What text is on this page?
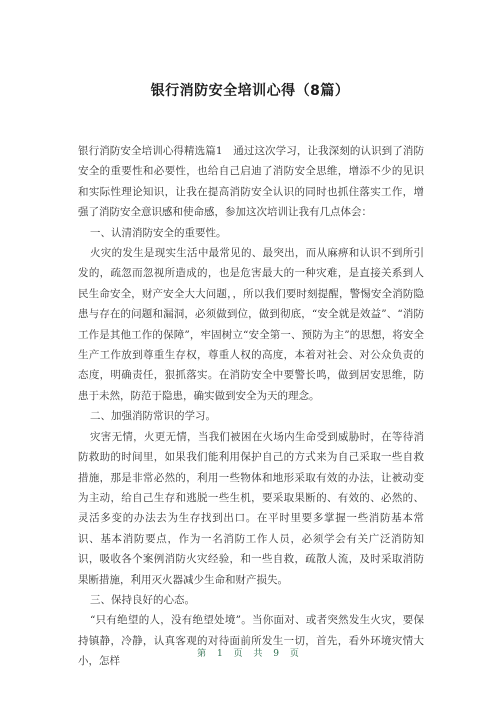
银行消防安全培训心得（8篇）

银行消防安全培训心得精选篇1　通过这次学习，让我深刻的认识到了消防安全的重要性和必要性，也给自己启迪了消防安全思维，增添不少的见识和实际性理论知识，让我在提高消防安全认识的同时也抓住落实工作，增强了消防安全意识感和使命感，参加这次培训让我有几点体会：

一、认清消防安全的重要性。

火灾的发生是现实生活中最常见的、最突出，而从麻痹和认识不到所引发的，疏忽而忽视所造成的，也是危害最大的一种灾难，是直接关系到人民生命安全，财产安全大大问题，，所以我们要时刻提醒，警惕安全消防隐患与存在的问题和漏洞，必须做到位，做到彻底，“安全就是效益”、“消防工作是其他工作的保障”，牢固树立“安全第一、预防为主”的思想，将安全生产工作放到尊重生存权，尊重人权的高度，本着对社会、对公众负责的态度，明确责任，狠抓落实。在消防安全中要警长鸣，做到居安思维，防患于未然，防范于隐患，确实做到安全为天的理念。

二、加强消防常识的学习。

灾害无情，火更无情，当我们被困在火场内生命受到威胁时，在等待消防救助的时间里，如果我们能利用保护自己的方式来为自己采取一些自救措施，那是非常必然的，利用一些物体和地形采取有效的办法，让被动变为主动，给自己生存和逃脱一些生机，要采取果断的、有效的、必然的、灵活多变的办法去为生存找到出口。在平时里要多掌握一些消防基本常识、基本消防要点，作为一名消防工作人员，必须学会有关广泛消防知识，吸收各个案例消防火灾经验，和一些自救，疏散人流，及时采取消防果断措施，利用灭火器减少生命和财产损失。

三、保持良好的心态。

“只有绝望的人，没有绝望处境”。当你面对、或者突然发生火灾，要保持镇静，冷静，认真客观的对待面前所发生一切，首先，看外环境灾情大小，怎样

第 1 页 共 9 页
